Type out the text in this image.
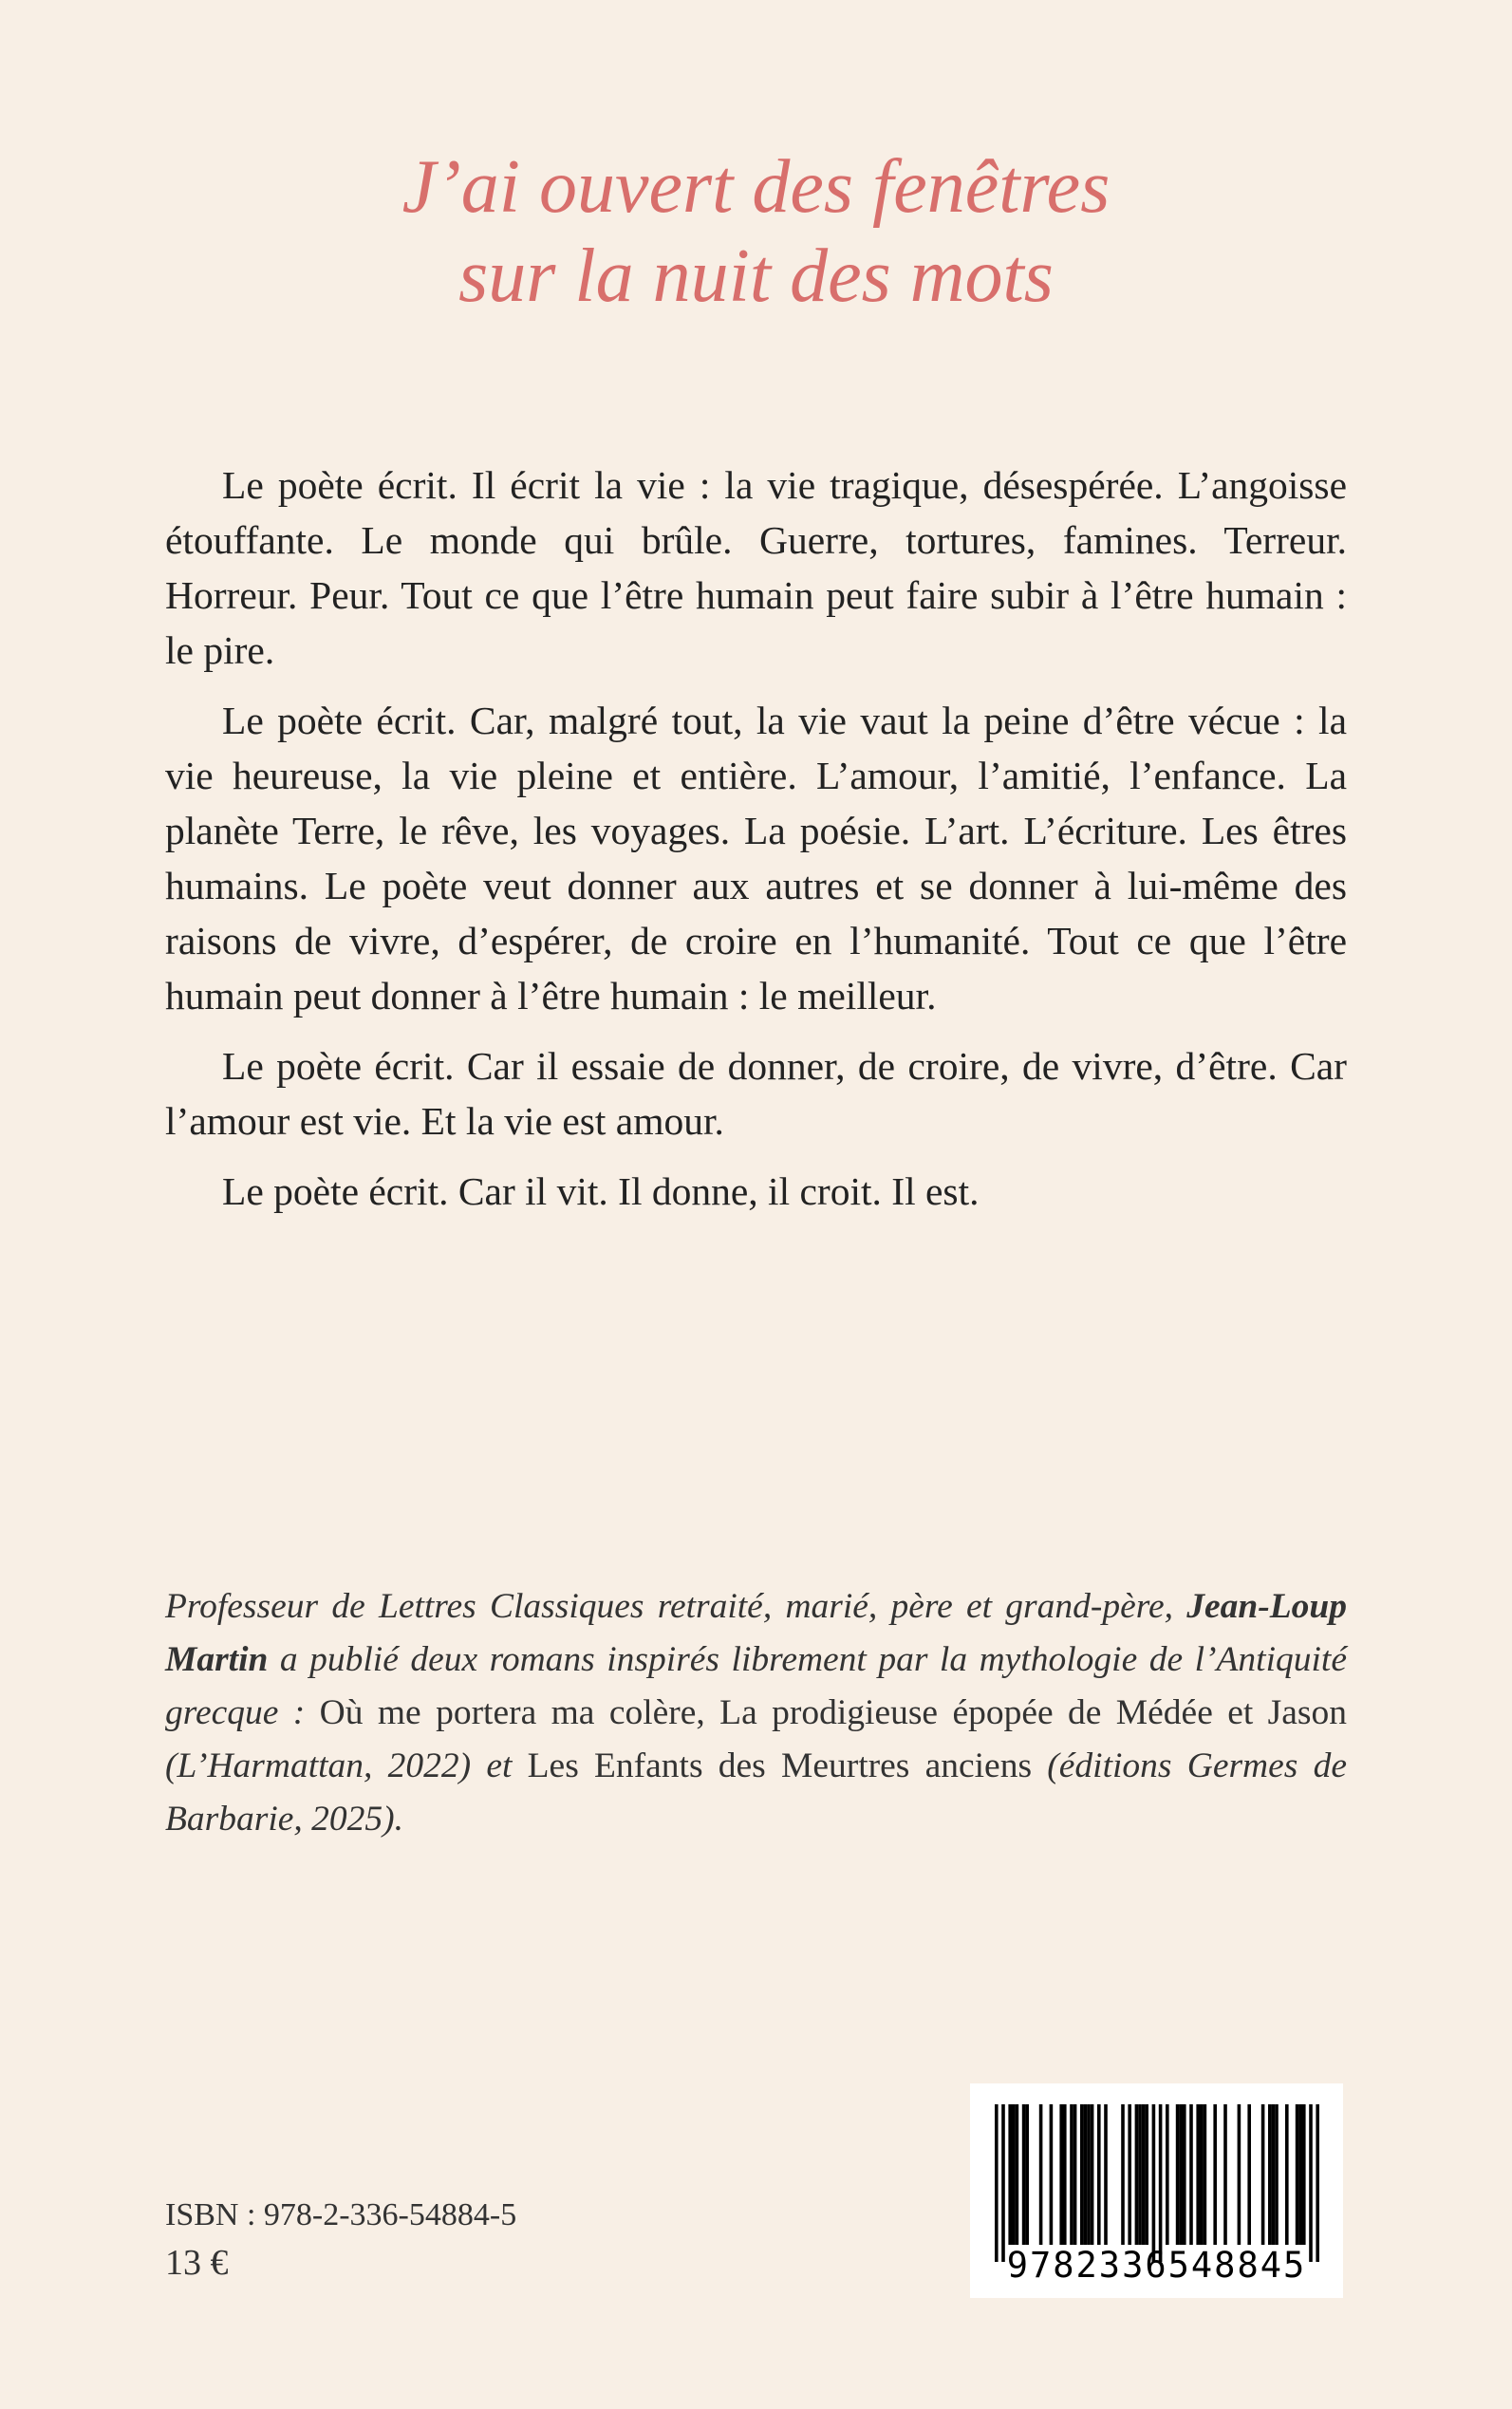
J’ai ouvert des fenêtres
sur la nuit des mots

Le poète écrit. Il écrit la vie : la vie tragique, désespérée. L’angoisse étouffante. Le monde qui brûle. Guerre, tortures, famines. Terreur. Horreur. Peur. Tout ce que l’être humain peut faire subir à l’être humain : le pire.

Le poète écrit. Car, malgré tout, la vie vaut la peine d’être vécue : la vie heureuse, la vie pleine et entière. L’amour, l’amitié, l’enfance. La planète Terre, le rêve, les voyages. La poésie. L’art. L’écriture. Les êtres humains. Le poète veut donner aux autres et se donner à lui-même des raisons de vivre, d’espérer, de croire en l’humanité. Tout ce que l’être humain peut donner à l’être humain : le meilleur.

Le poète écrit. Car il essaie de donner, de croire, de vivre, d’être. Car l’amour est vie. Et la vie est amour.

Le poète écrit. Car il vit. Il donne, il croit. Il est.

Professeur de Lettres Classiques retraité, marié, père et grand-père, Jean-Loup Martin a publié deux romans inspirés librement par la mythologie de l’Antiquité grecque : Où me portera ma colère, La prodigieuse épopée de Médée et Jason (L’Harmattan, 2022) et Les Enfants des Meurtres anciens (éditions Germes de Barbarie, 2025).
ISBN : 978-2-336-54884-5
13 €	9782336548845
